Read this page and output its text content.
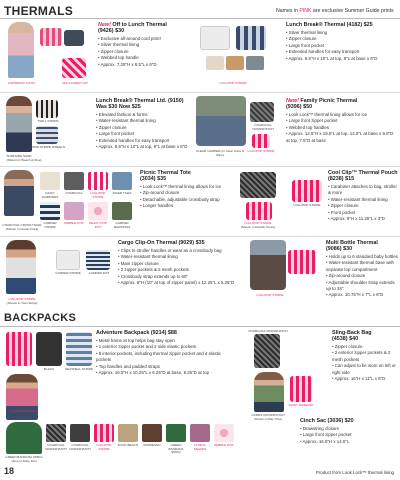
THERMALS	Names in PINK are exclusive Summer Guide prints
ESPRESSO DAISY	OFF FOWER CUT
New! Off to Lunch Thermal
(9426) $30
• Exclusive all-around cord print!
• Silver thermal lining
• Zipper closure
• Webbed top handle
• Approx. 7.25"H x 8.5"L x 6"D
LOLLIPOP STRIPE
Lunch Break® Thermal (4182) $25
• Silver thermal lining
• Zipper closure
• Large front pocket
• Extended handles for easy transport
• Approx. 8.5"H x 10"L at top, 9"L at base x 6"D
TWILL STRIPE
TWIN STRIPE WHEELS
SURFSIDE SAND
(Pattern in Beach & Rise)
Lunch Break® Thermal Ltd. (9150)
Was $30 Now $25
• Elevated fashion & forms
• Water-resistant thermal lining
• Zipper closure
• Large front pocket
• Extended handles for easy transport
• Approx. 8.5"H x 10"L at top, 9"L at base x 6"D
CHARCOAL CROSSHATCH
LOLLIPOP STRIPE
CLEAR CAMPER (in Clear Cami & Wine)
New! Family Picnic Thermal
(9396) $50
• Look Lock™ thermal lining allows for ice
• Large front zipper pocket
• Webbed top handles
• Approx. 12.5"H x 18.5"L at top, 14.5"L at base x 9.5"D at top, 7.5"D at base
DAISY DIAMONDS
CHARCOAL	LOLLIPOP STRIPE
RIVER TILES
CHARCOAL CROSS HOUR (Shown in Ocean Flora)
CAMPER STRIPE
PEBBLE POP	PEACH POP DOT
CAMPER MARKINGS
Picnic Thermal Tote
(3034) $35
• Look Lock™ thermal lining allows for ice
• Zip-around closure
• Detachable, adjustable crossbody strap
• Longer handles
LOLLIPOP STRIPE
(Shown in Double Tones)
Cool Clip™ Thermal Pouch
(8238) $15
• Carabiner attaches to bag, stroller & more
• Water-resistant thermal lining
• Zipper closure
• Front pocket
• Approx. 8"H x 11.25"L x 3"D
LOLLIPOP STRIPE
LOLLIPOP STRIPE
(Shown in Twin Stripe)
CAMPER STRIPE	CAMPER DOT
Cargo Clip-On Thermal (9029) $35
• Clips to stroller handles or wear as a crossbody bag
• Water-resistant thermal lining
• Main zipper closure
• 2 zipper pockets & 2 mesh pockets
• Crossbody strap extends up to 60"
• Approx. 8"H (10" at top of zipper panel) x 12.25"L x 5.25"D
LOLLIPOP STRIPE
Multi Bottle Thermal
(9086) $30
• Holds up to 6 standard baby bottles
• Water-resistant thermal base with separate top compartment
• Zip-around closure
• Adjustable shoulder strap extends up to 34"
• Approx. 10.75"H x 7"L x 6"D
BACKPACKS
BLACK	SEASHELL STRIPE
LOLLIPOP STRIPE
(Shown in Surfside)
Adventure Backpack (9214) $88
• Metal frame at top helps bag stay open
• 1 exterior zipper pocket and 2 side elastic pockets
• 8 interior pockets, including thermal zipper pocket and 4 elastic pockets
• Top handles and padded straps
• Approx. 16.5"H x 10.25"L x 6.25"D at base, 9.25"D at top
CHARCOAL CROSSHATCH
CARDS CROSSHATCH (Shown in Bay Tiles)
DAISY DIAMOND
Sling-Back Bag
(4538) $40
• Zipper closure
• 2 exterior zipper pockets & 2 mesh pockets
• Can adjust to be worn on left or right side
• Approx. 16"H x 11"L x 6"D
CHARCOAL CROSSHATCH
CHARCOAL CROSSHATCH
LOLLIPOP STRIPE
DUCK BEACH	ESPRESSO	GREEN BANDANA SPRIG
FLORAL SNAKES
PEBBLE POP
GREEN BANDANA SPRIG (Also in Ruby Dot)
Cinch Sac (3036) $20
• Drawstring closure
• Large front zipper pocket
• Approx. 16.5"H x 14.5"L
18	Product from Look Lock™ thermal lining
